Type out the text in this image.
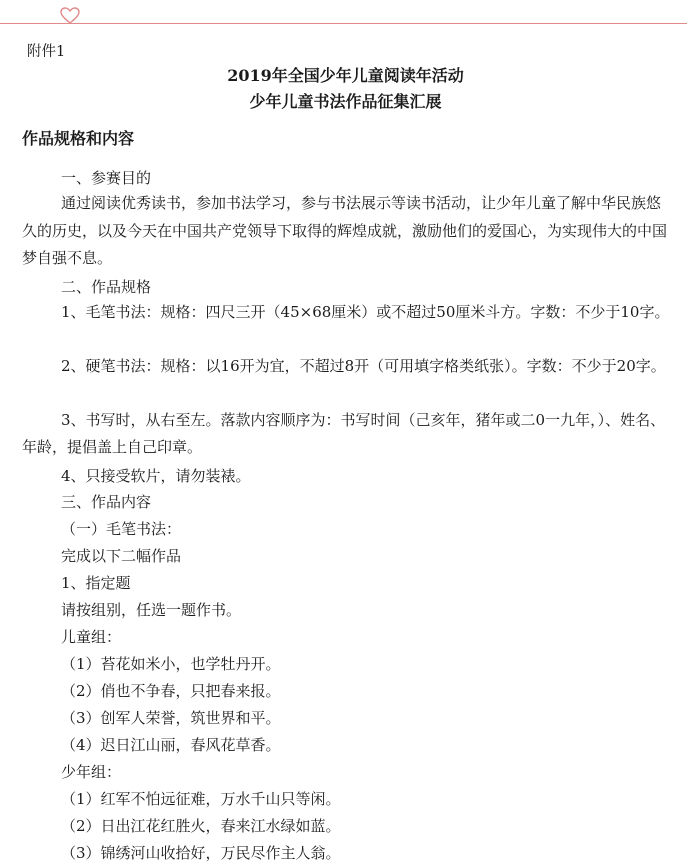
附件1
2019年全国少年儿童阅读年活动
少年儿童书法作品征集汇展
作品规格和内容
一、参赛目的
通过阅读优秀读书，参加书法学习，参与书法展示等读书活动，让少年儿童了解中华民族悠久的历史，以及今天在中国共产党领导下取得的辉煌成就，激励他们的爱国心，为实现伟大的中国梦自强不息。
二、作品规格
1、毛笔书法：规格：四尺三开（45×68厘米）或不超过50厘米斗方。字数：不少于10字。
2、硬笔书法：规格：以16开为宜，不超过8开（可用填字格类纸张）。字数：不少于20字。
3、书写时，从右至左。落款内容顺序为：书写时间（己亥年，猪年或二0一九年，）、姓名、年龄，提倡盖上自己印章。
4、只接受软片，请勿装裱。
三、作品内容
（一）毛笔书法：
完成以下二幅作品
1、指定题
请按组别，任选一题作书。
儿童组：
（1）苔花如米小，也学牡丹开。
（2）俏也不争春，只把春来报。
（3）创军人荣誉，筑世界和平。
（4）迟日江山丽，春风花草香。
少年组：
（1）红军不怕远征难，万水千山只等闲。
（2）日出江花红胜火，春来江水绿如蓝。
（3）锦绣河山收拾好，万民尽作主人翁。
